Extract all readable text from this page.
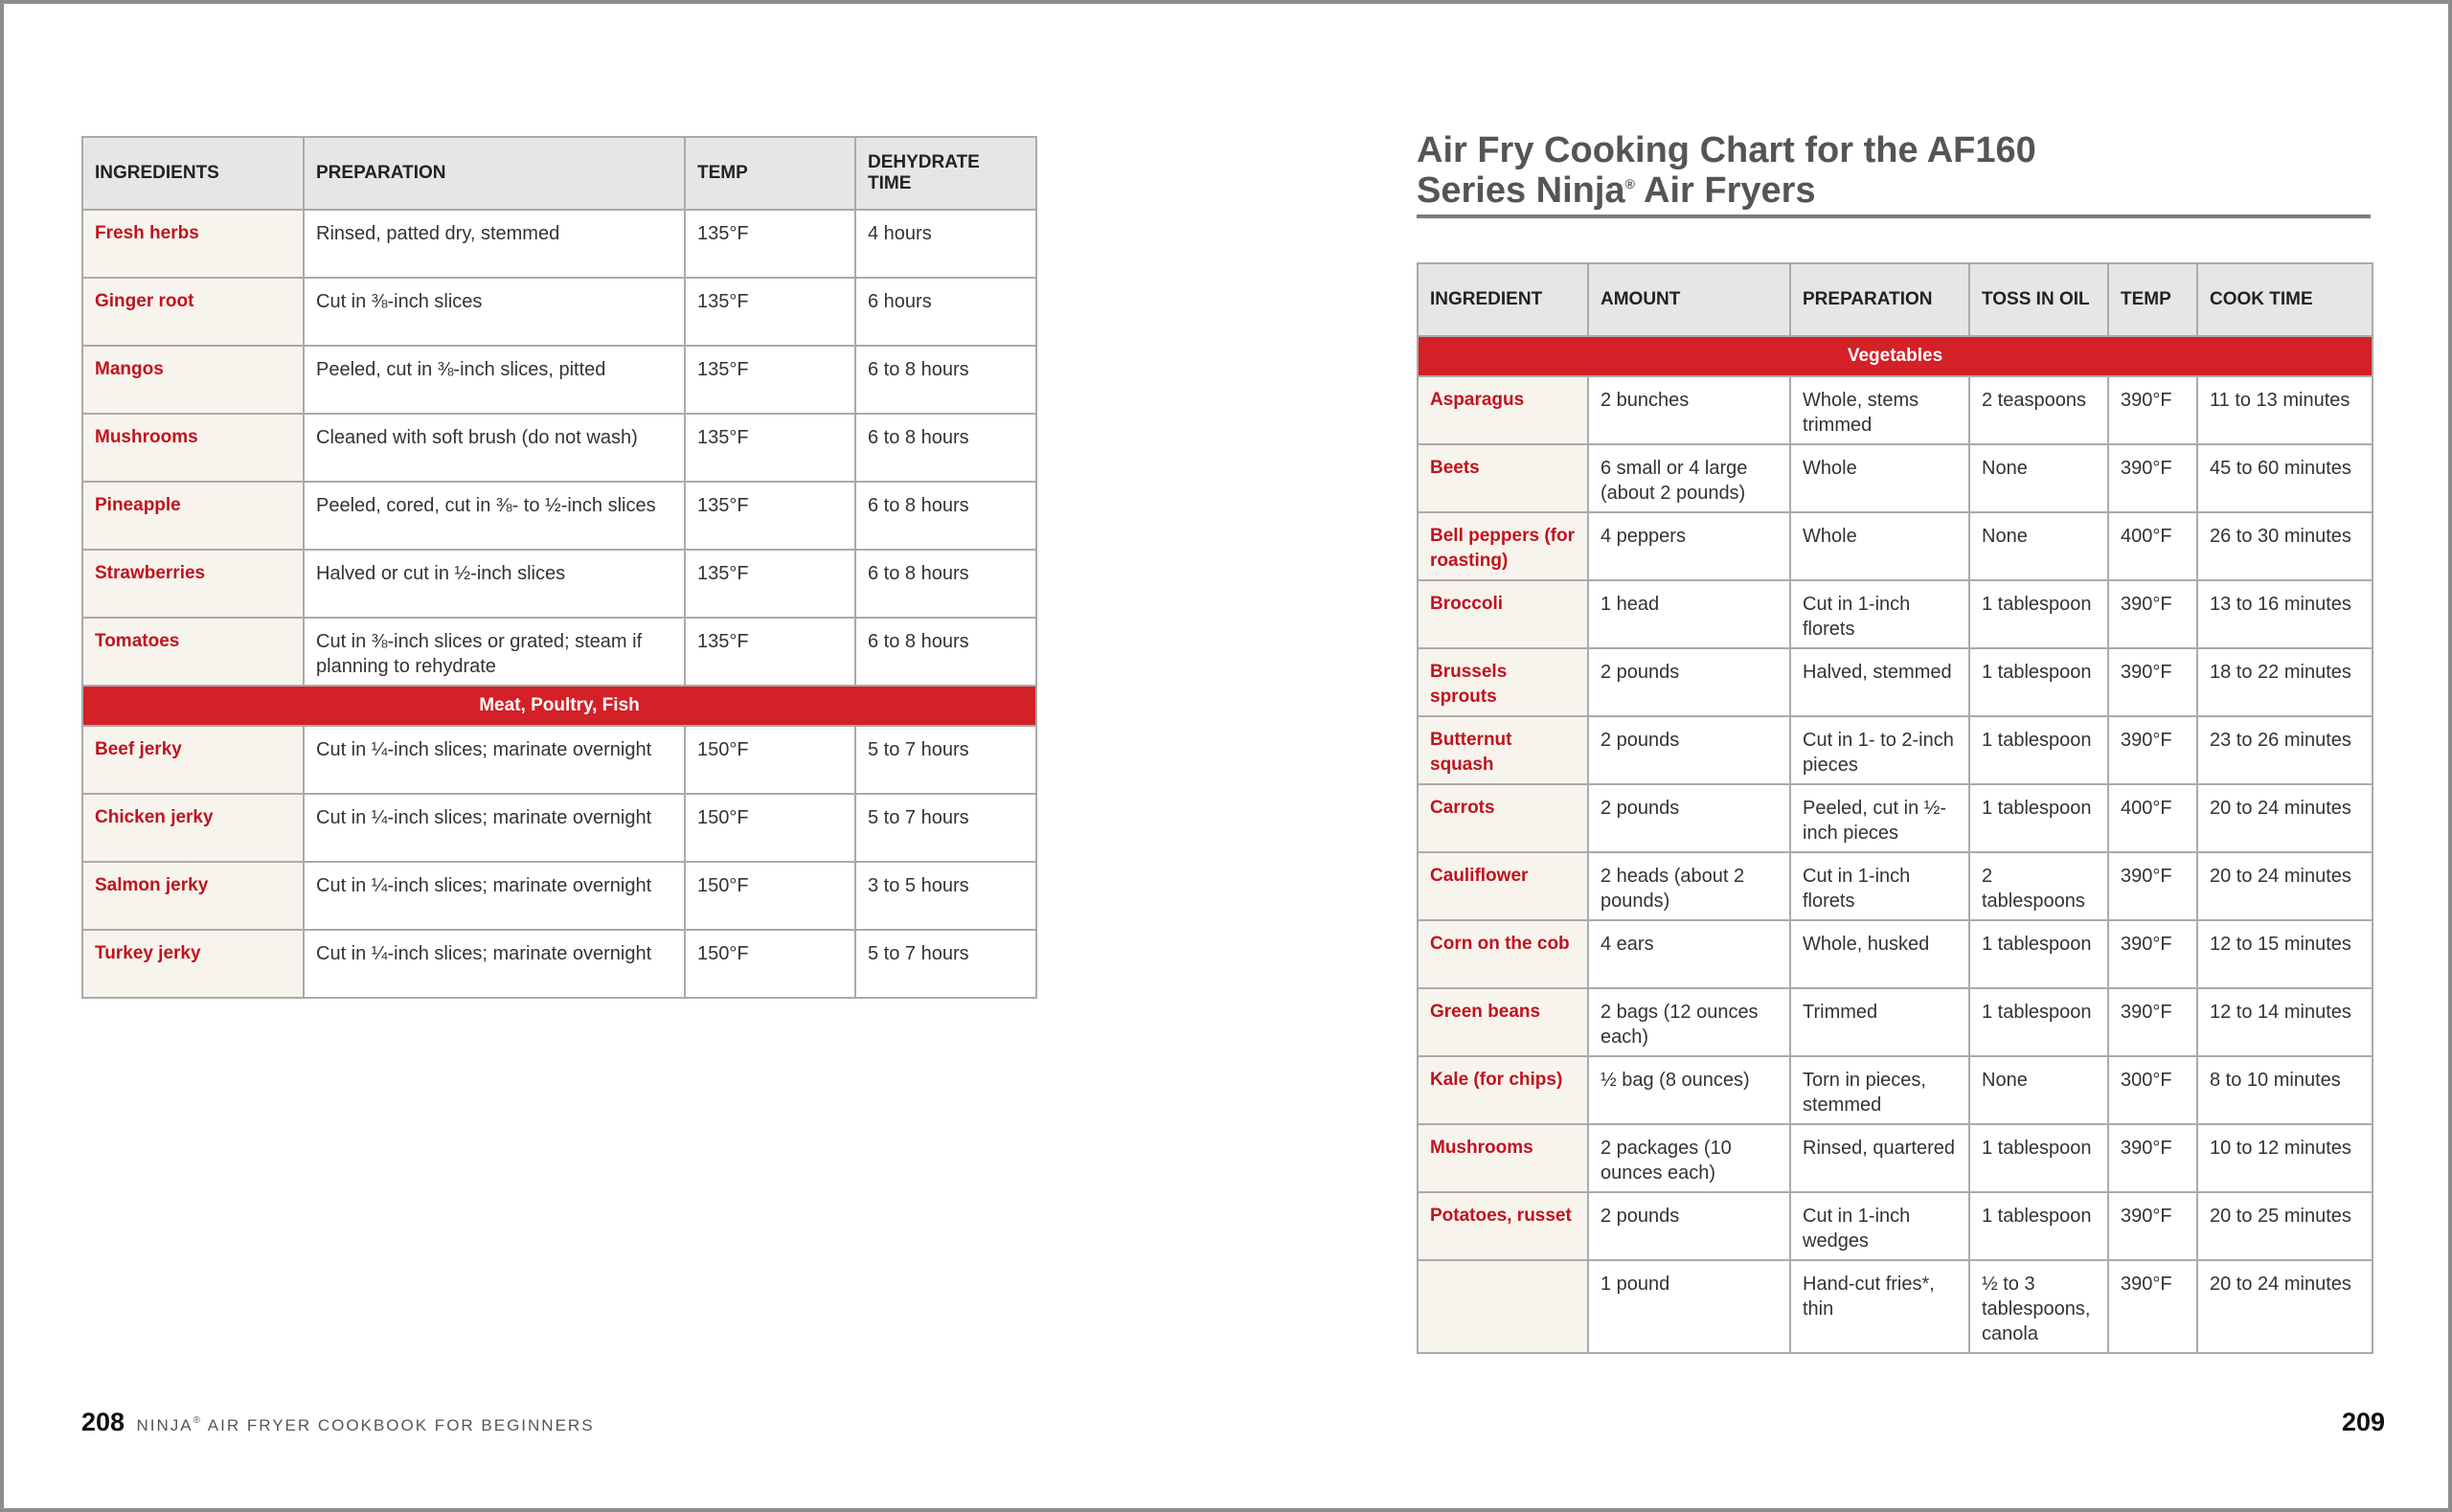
INGREDIENTS	PREPARATION	TEMP	DEHYDRATE TIME
Fresh herbs	Rinsed, patted dry, stemmed	135°F	4 hours
Ginger root	Cut in ⅜-inch slices	135°F	6 hours
Mangos	Peeled, cut in ⅜-inch slices, pitted	135°F	6 to 8 hours
Mushrooms	Cleaned with soft brush (do not wash)	135°F	6 to 8 hours
Pineapple	Peeled, cored, cut in ⅜- to ½-inch slices	135°F	6 to 8 hours
Strawberries	Halved or cut in ½-inch slices	135°F	6 to 8 hours
Tomatoes	Cut in ⅜-inch slices or grated; steam if planning to rehydrate	135°F	6 to 8 hours
Meat, Poultry, Fish			
Beef jerky	Cut in ¼-inch slices; marinate overnight	150°F	5 to 7 hours
Chicken jerky	Cut in ¼-inch slices; marinate overnight	150°F	5 to 7 hours
Salmon jerky	Cut in ¼-inch slices; marinate overnight	150°F	3 to 5 hours
Turkey jerky	Cut in ¼-inch slices; marinate overnight	150°F	5 to 7 hours
208 NINJA® AIR FRYER COOKBOOK FOR BEGINNERS
Air Fry Cooking Chart for the AF160
Series Ninja® Air Fryers
INGREDIENT	AMOUNT	PREPARATION	TOSS IN OIL	TEMP	COOK TIME
Vegetables					
Asparagus	2 bunches	Whole, stems trimmed	2 teaspoons	390°F	11 to 13 minutes
Beets	6 small or 4 large (about 2 pounds)	Whole	None	390°F	45 to 60 minutes
Bell peppers (for roasting)	4 peppers	Whole	None	400°F	26 to 30 minutes
Broccoli	1 head	Cut in 1-inch florets	1 tablespoon	390°F	13 to 16 minutes
Brussels sprouts	2 pounds	Halved, stemmed	1 tablespoon	390°F	18 to 22 minutes
Butternut squash	2 pounds	Cut in 1- to 2-inch pieces	1 tablespoon	390°F	23 to 26 minutes
Carrots	2 pounds	Peeled, cut in ½-inch pieces	1 tablespoon	400°F	20 to 24 minutes
Cauliflower	2 heads (about 2 pounds)	Cut in 1-inch florets	2 tablespoons	390°F	20 to 24 minutes
Corn on the cob	4 ears	Whole, husked	1 tablespoon	390°F	12 to 15 minutes
Green beans	2 bags (12 ounces each)	Trimmed	1 tablespoon	390°F	12 to 14 minutes
Kale (for chips)	½ bag (8 ounces)	Torn in pieces, stemmed	None	300°F	8 to 10 minutes
Mushrooms	2 packages (10 ounces each)	Rinsed, quartered	1 tablespoon	390°F	10 to 12 minutes
Potatoes, russet	2 pounds	Cut in 1-inch wedges	1 tablespoon	390°F	20 to 25 minutes
	1 pound	Hand-cut fries*, thin	½ to 3 tablespoons, canola	390°F	20 to 24 minutes
209
